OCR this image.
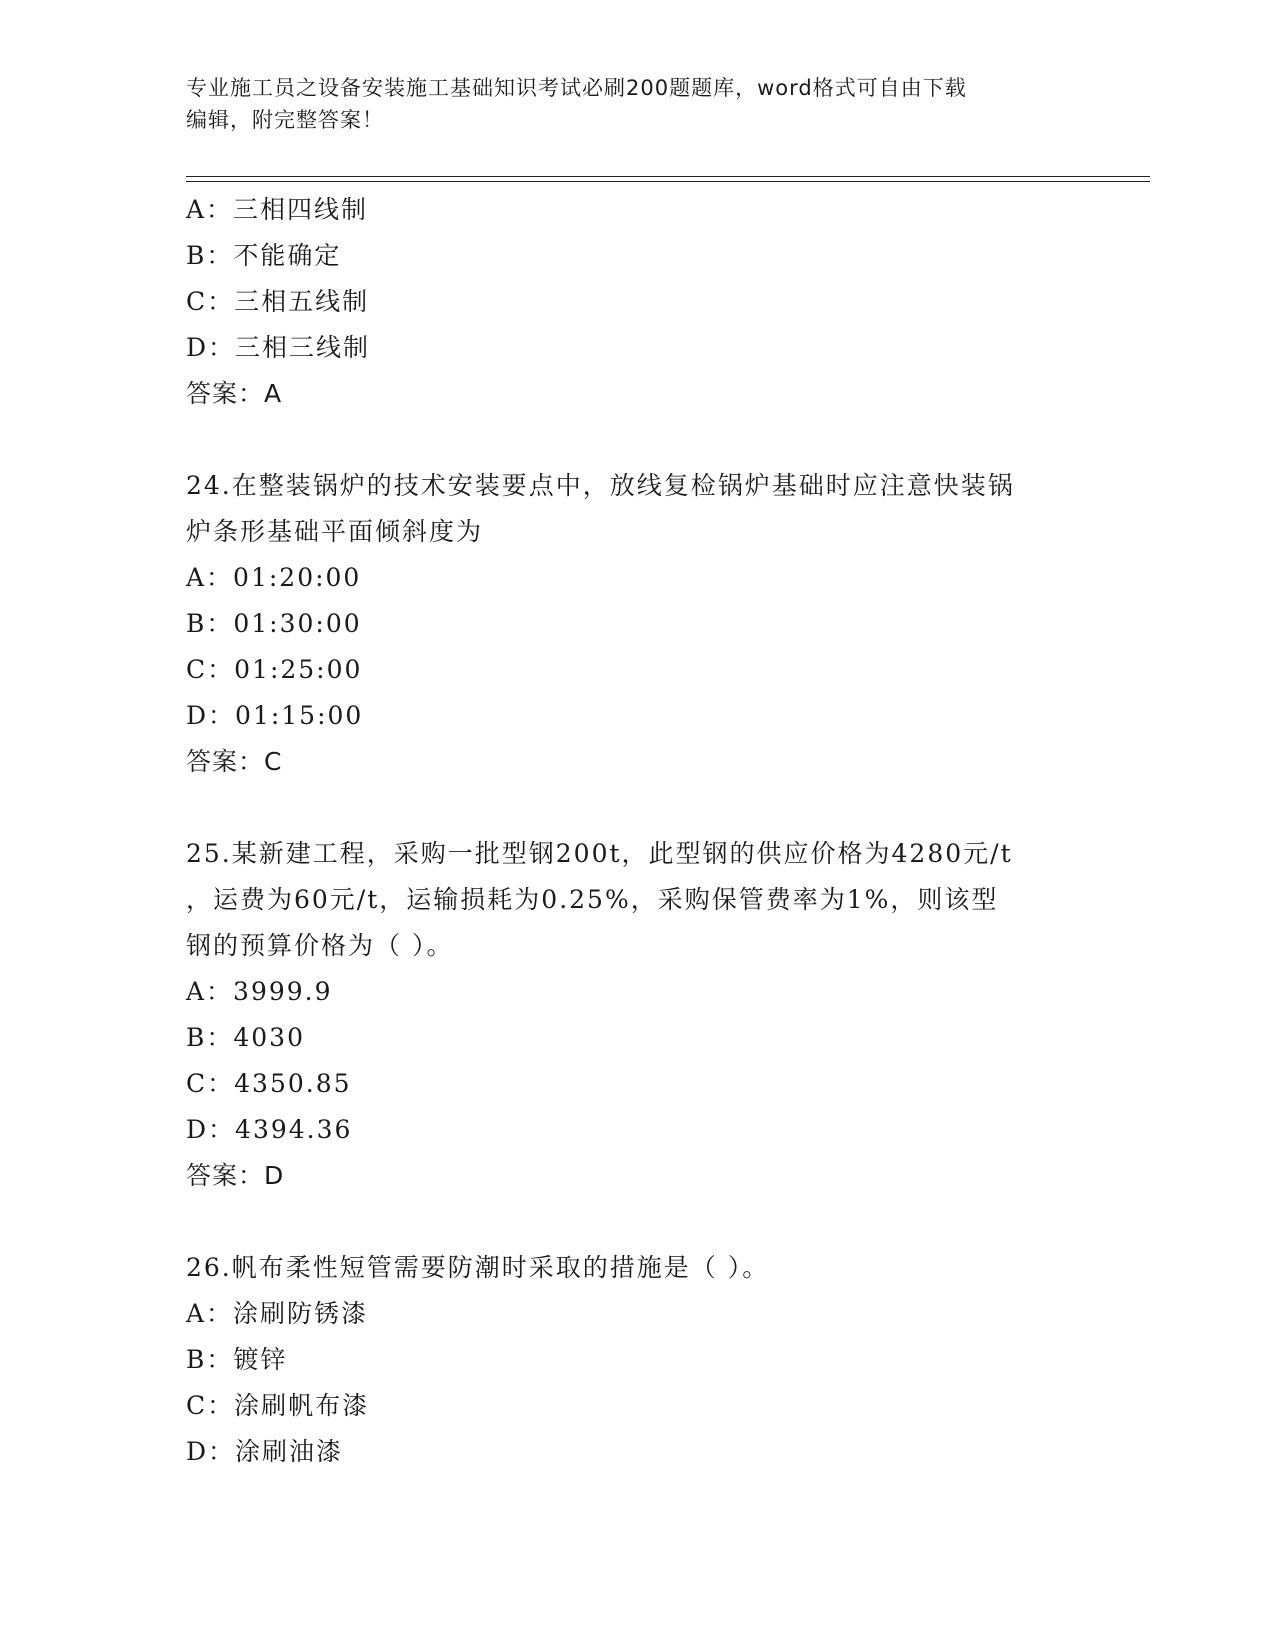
专业施工员之设备安装施工基础知识考试必刷200题题库，word格式可自由下载
编辑，附完整答案！
A：三相四线制
B：不能确定
C：三相五线制
D：三相三线制
答案：A
24.在整装锅炉的技术安装要点中，放线复检锅炉基础时应注意快装锅
炉条形基础平面倾斜度为
A：01:20:00
B：01:30:00
C：01:25:00
D：01:15:00
答案：C
25.某新建工程，采购一批型钢200t，此型钢的供应价格为4280元/t
，运费为60元/t，运输损耗为0.25%，采购保管费率为1%，则该型
钢的预算价格为（ ）。
A：3999.9
B：4030
C：4350.85
D：4394.36
答案：D
26.帆布柔性短管需要防潮时采取的措施是（ ）。
A：涂刷防锈漆
B：镀锌
C：涂刷帆布漆
D：涂刷油漆
